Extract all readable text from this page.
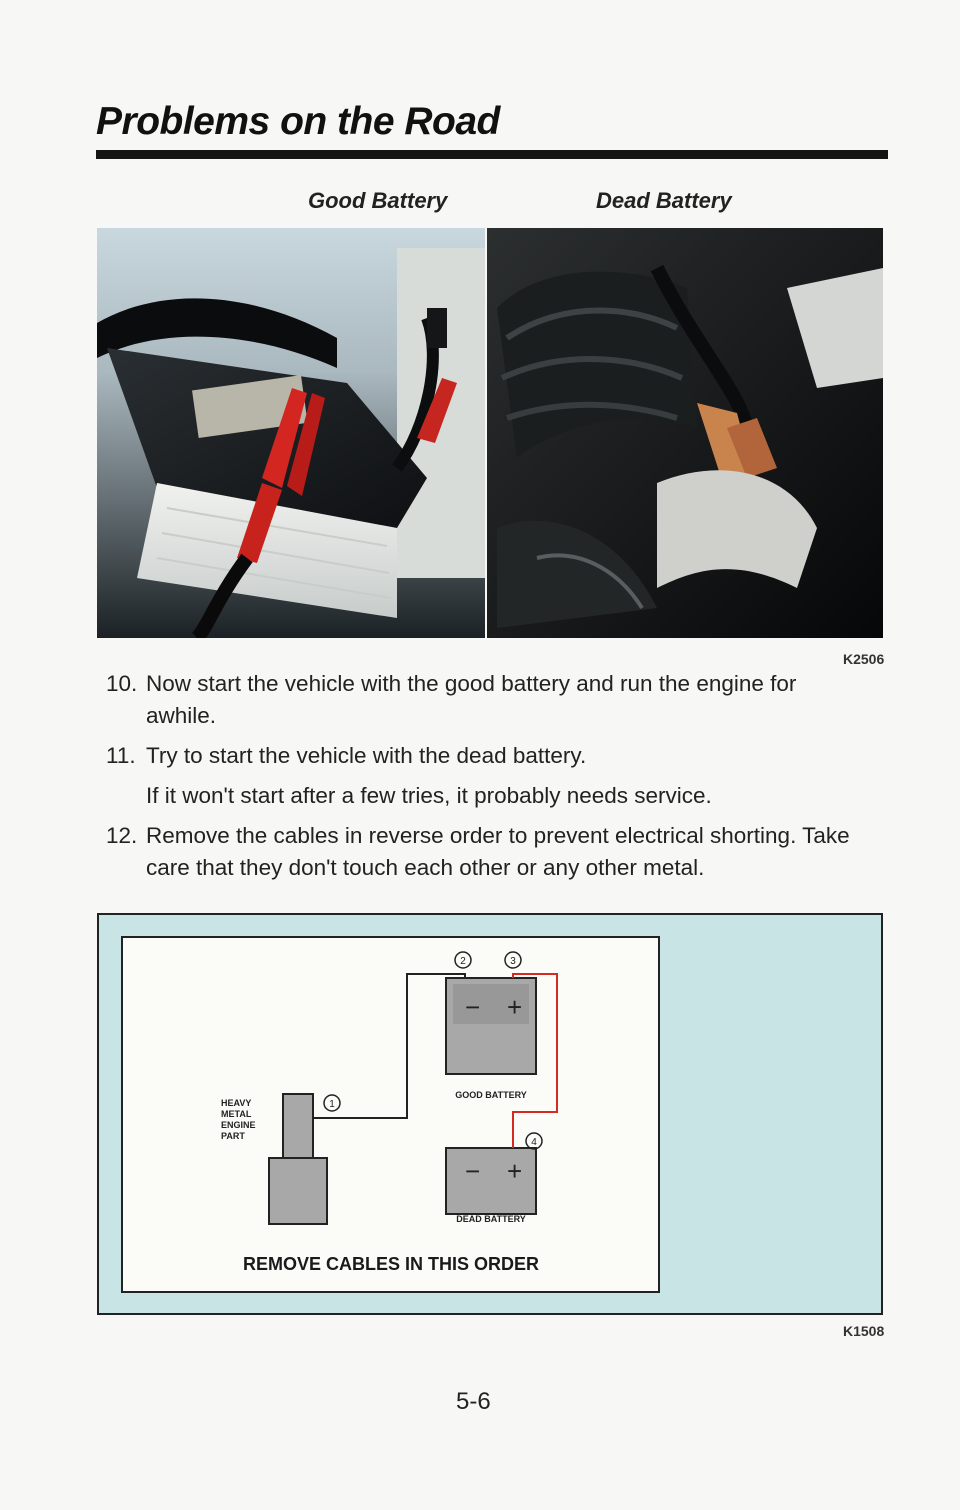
Problems on the Road
Good Battery	Dead Battery
K2506
10. Now start the vehicle with the good battery and run the engine for awhile.
11. Try to start the vehicle with the dead battery.
If it won't start after a few tries, it probably needs service.
12. Remove the cables in reverse order to prevent electrical shorting. Take care that they don't touch each other or any other metal.
− +
GOOD BATTERY
− +
DEAD BATTERY
HEAVY
METAL
ENGINE
PART
1
2	3
4
REMOVE CABLES IN THIS ORDER
K1508
5-6
